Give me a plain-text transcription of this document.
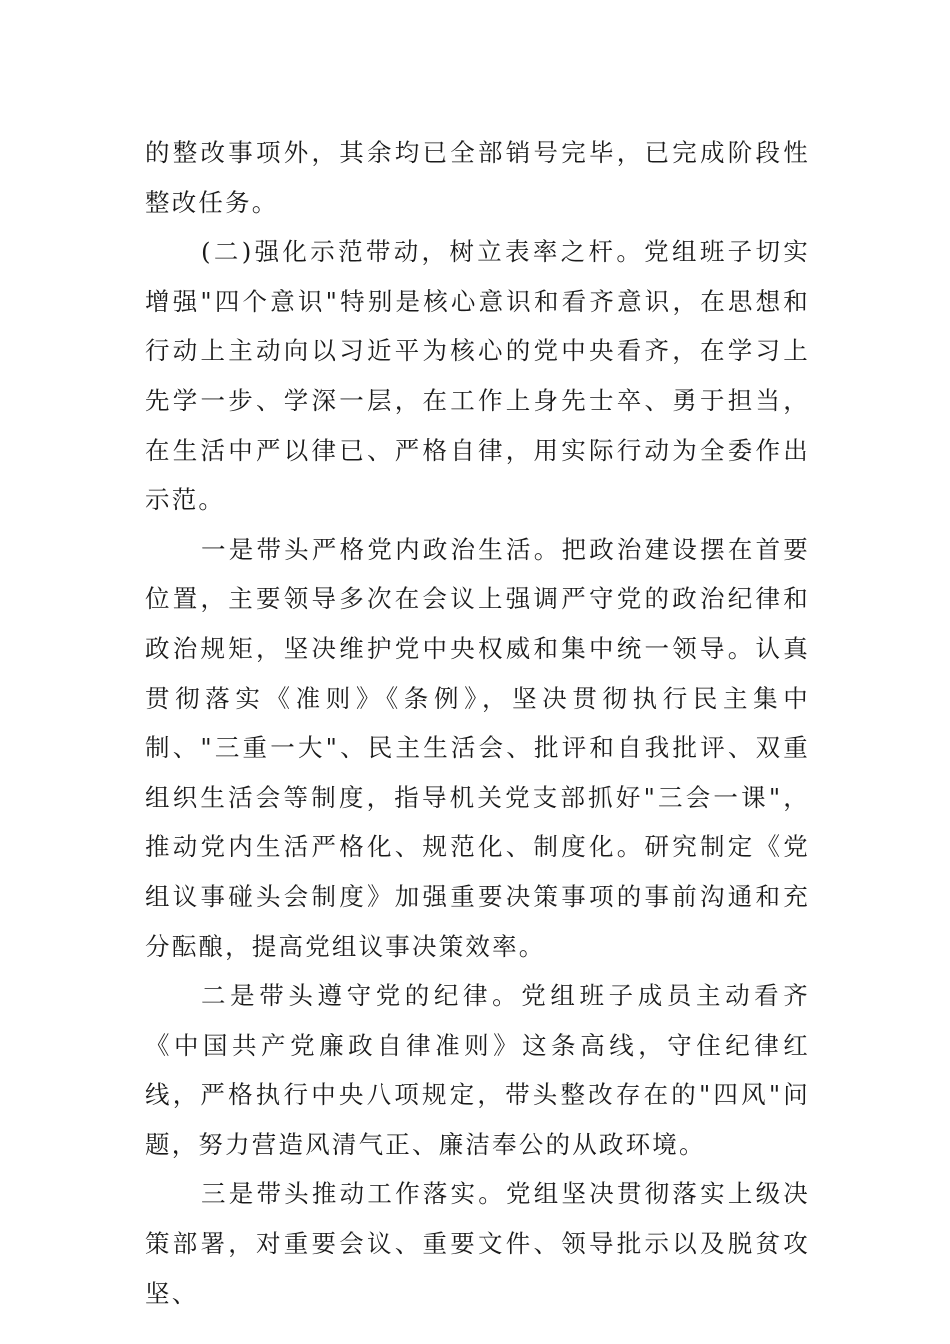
的整改事项外，其余均已全部销号完毕，已完成阶段性整改任务。

(二)强化示范带动，树立表率之杆。党组班子切实增强"四个意识"特别是核心意识和看齐意识，在思想和行动上主动向以习近平为核心的党中央看齐，在学习上先学一步、学深一层，在工作上身先士卒、勇于担当，在生活中严以律已、严格自律，用实际行动为全委作出示范。

一是带头严格党内政治生活。把政治建设摆在首要位置，主要领导多次在会议上强调严守党的政治纪律和政治规矩，坚决维护党中央权威和集中统一领导。认真贯彻落实《准则》《条例》，坚决贯彻执行民主集中制、"三重一大"、民主生活会、批评和自我批评、双重组织生活会等制度，指导机关党支部抓好"三会一课"，推动党内生活严格化、规范化、制度化。研究制定《党组议事碰头会制度》加强重要决策事项的事前沟通和充分酝酿，提高党组议事决策效率。

二是带头遵守党的纪律。党组班子成员主动看齐《中国共产党廉政自律准则》这条高线，守住纪律红线，严格执行中央八项规定，带头整改存在的"四风"问题，努力营造风清气正、廉洁奉公的从政环境。

三是带头推动工作落实。党组坚决贯彻落实上级决策部署，对重要会议、重要文件、领导批示以及脱贫攻坚、
